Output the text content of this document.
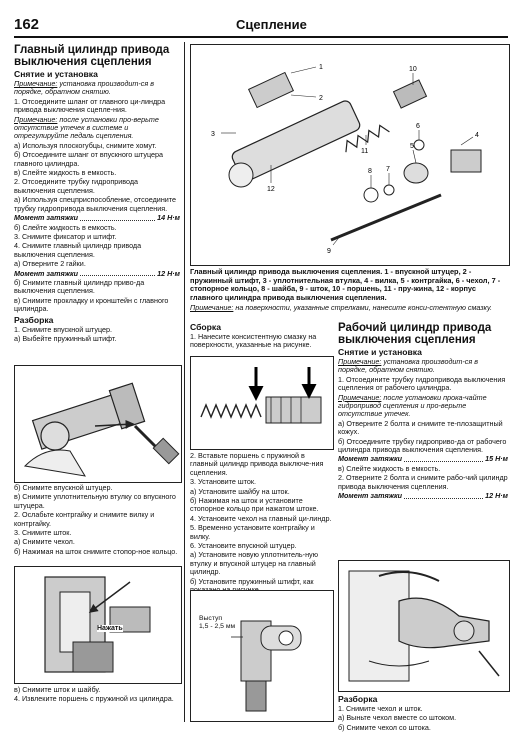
162	Сцепление

Главный цилиндр привода выключения сцепления

Снятие и установка

Примечание: установка производит-ся в порядке, обратном снятию.

1. Отсоедините шланг от главного ци-линдра привода выключения сцепле-ния.

Примечание: после установки про-верьте отсутствие утечек в системе и отрегулируйте педаль сцепления.

а) Используя плоскогубцы, снимите хомут.

б) Отсоедините шланг от впускного штуцера главного цилиндра.

в) Слейте жидкость в емкость.

2. Отсоедините трубку гидропривода выключения сцепления.

а) Используя спецприспособление, отсоедините трубку гидропривода выключения сцепления.

Момент затяжки	14 Н·м

б) Слейте жидкость в емкость.

3. Снимите фиксатор и штифт.

4. Снимите главный цилиндр привода выключения сцепления.

а) Отверните 2 гайки.

Момент затяжки	12 Н·м

б) Снимите главный цилиндр приво-да выключения сцепления.

в) Снимите прокладку и кронштейн с главного цилиндра.

Разборка

1. Снимите впускной штуцер.

а) Выбейте пружинный штифт.

б) Снимите впускной штуцер.

в) Снимите уплотнительную втулку со впускного штуцера.

2. Ослабьте контргайку и снимите вилку и контргайку.

3. Снимите шток.

а) Снимите чехол.

б) Нажимая на шток снимите стопор-ное кольцо.

Нажать

в) Снимите шток и шайбу.

4. Извлеките поршень с пружиной из цилиндра.

1
2
3	4
5
6
7
8
9
10
11
12
Главный цилиндр привода выключения сцепления. 1 - впускной штуцер, 2 - пружинный штифт, 3 - уплотнительная втулка, 4 - вилка, 5 - контргайка, 6 - чехол, 7 - стопорное кольцо, 8 - шайба, 9 - шток, 10 - поршень, 11 - пру-жина, 12 - корпус главного цилиндра привода выключения сцепления.
Примечание: на поверхности, указанные стрелками, нанесите конси-стентную смазку.

Сборка

1. Нанесите консистентную смазку на поверхности, указанные на рисунке.

2. Вставьте поршень с пружиной в главный цилиндр привода выключе-ния сцепления.

3. Установите шток.

а) Установите шайбу на шток.

б) Нажимая на шток и установите стопорное кольцо при нажатом штоке.

4. Установите чехол на главный ци-линдр.

5. Временно установите контргайку и вилку.

6. Установите впускной штуцер.

а) Установите новую уплотнитель-ную втулку и впускной штуцер на главный цилиндр.

б) Установите пружинный штифт, как

Выступ
1,5 - 2,5 мм

Рабочий цилиндр привода выключения сцепления

Снятие и установка

Примечание: установка производит-ся в порядке, обратном снятию.

1. Отсоедините трубку гидропривода выключения сцепления от рабочего цилиндра.

Примечание: после установки прока-чайте гидропривод сцепления и про-верьте отсутствие утечек.

а) Отверните 2 болта и снимите те-плозащитный кожух.

б) Отсоедините трубку гидроприво-да от рабочего цилиндра привода выключения сцепления.

Момент затяжки	15 Н·м

в) Слейте жидкость в емкость.

2. Отверните 2 болта и снимите рабо-чий цилиндр привода выключения сцепления.

Момент затяжки	12 Н·м

Разборка

1. Снимите чехол и шток.

а) Выньте чехол вместе со штоком.

б) Снимите чехол со штока.
